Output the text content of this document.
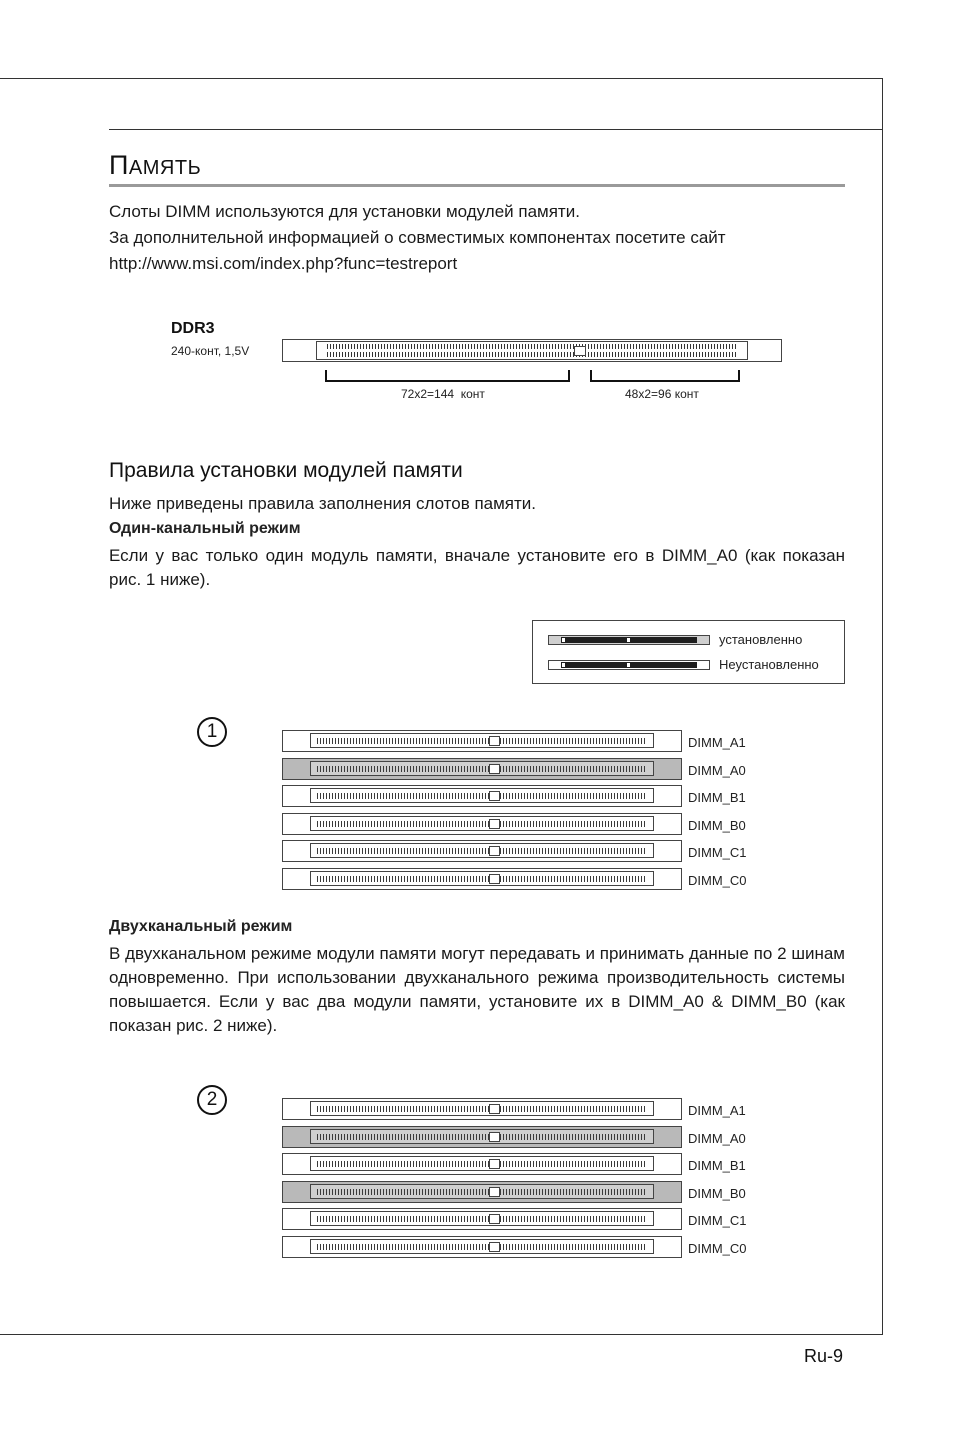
ПАМЯТЬ
Слоты DIMM используются для установки модулей памяти.
За дополнительной информацией о совместимых компонентах посетите сайт
http://www.msi.com/index.php?func=testreport
DDR3
240-конт, 1,5V
72x2=144  конт	48x2=96 конт
Правила установки модулей памяти
Ниже приведены правила заполнения слотов памяти.
Один-канальный режим
Если у вас только один модуль памяти, вначале установите его в DIMM_A0 (как показан рис. 1 ниже).
установленно
Неустановленно
1
DIMM_A1
DIMM_A0
DIMM_B1
DIMM_B0
DIMM_C1
DIMM_C0
Двухканальный режим
В двухканальном режиме модули памяти могут передавать и принимать данные по 2 шинам одновременно. При использовании двухканального режима производительность системы повышается. Если у вас два модули памяти, установите их в DIMM_A0 & DIMM_B0 (как показан рис. 2 ниже).
2
DIMM_A1
DIMM_A0
DIMM_B1
DIMM_B0
DIMM_C1
DIMM_C0
Ru-9
